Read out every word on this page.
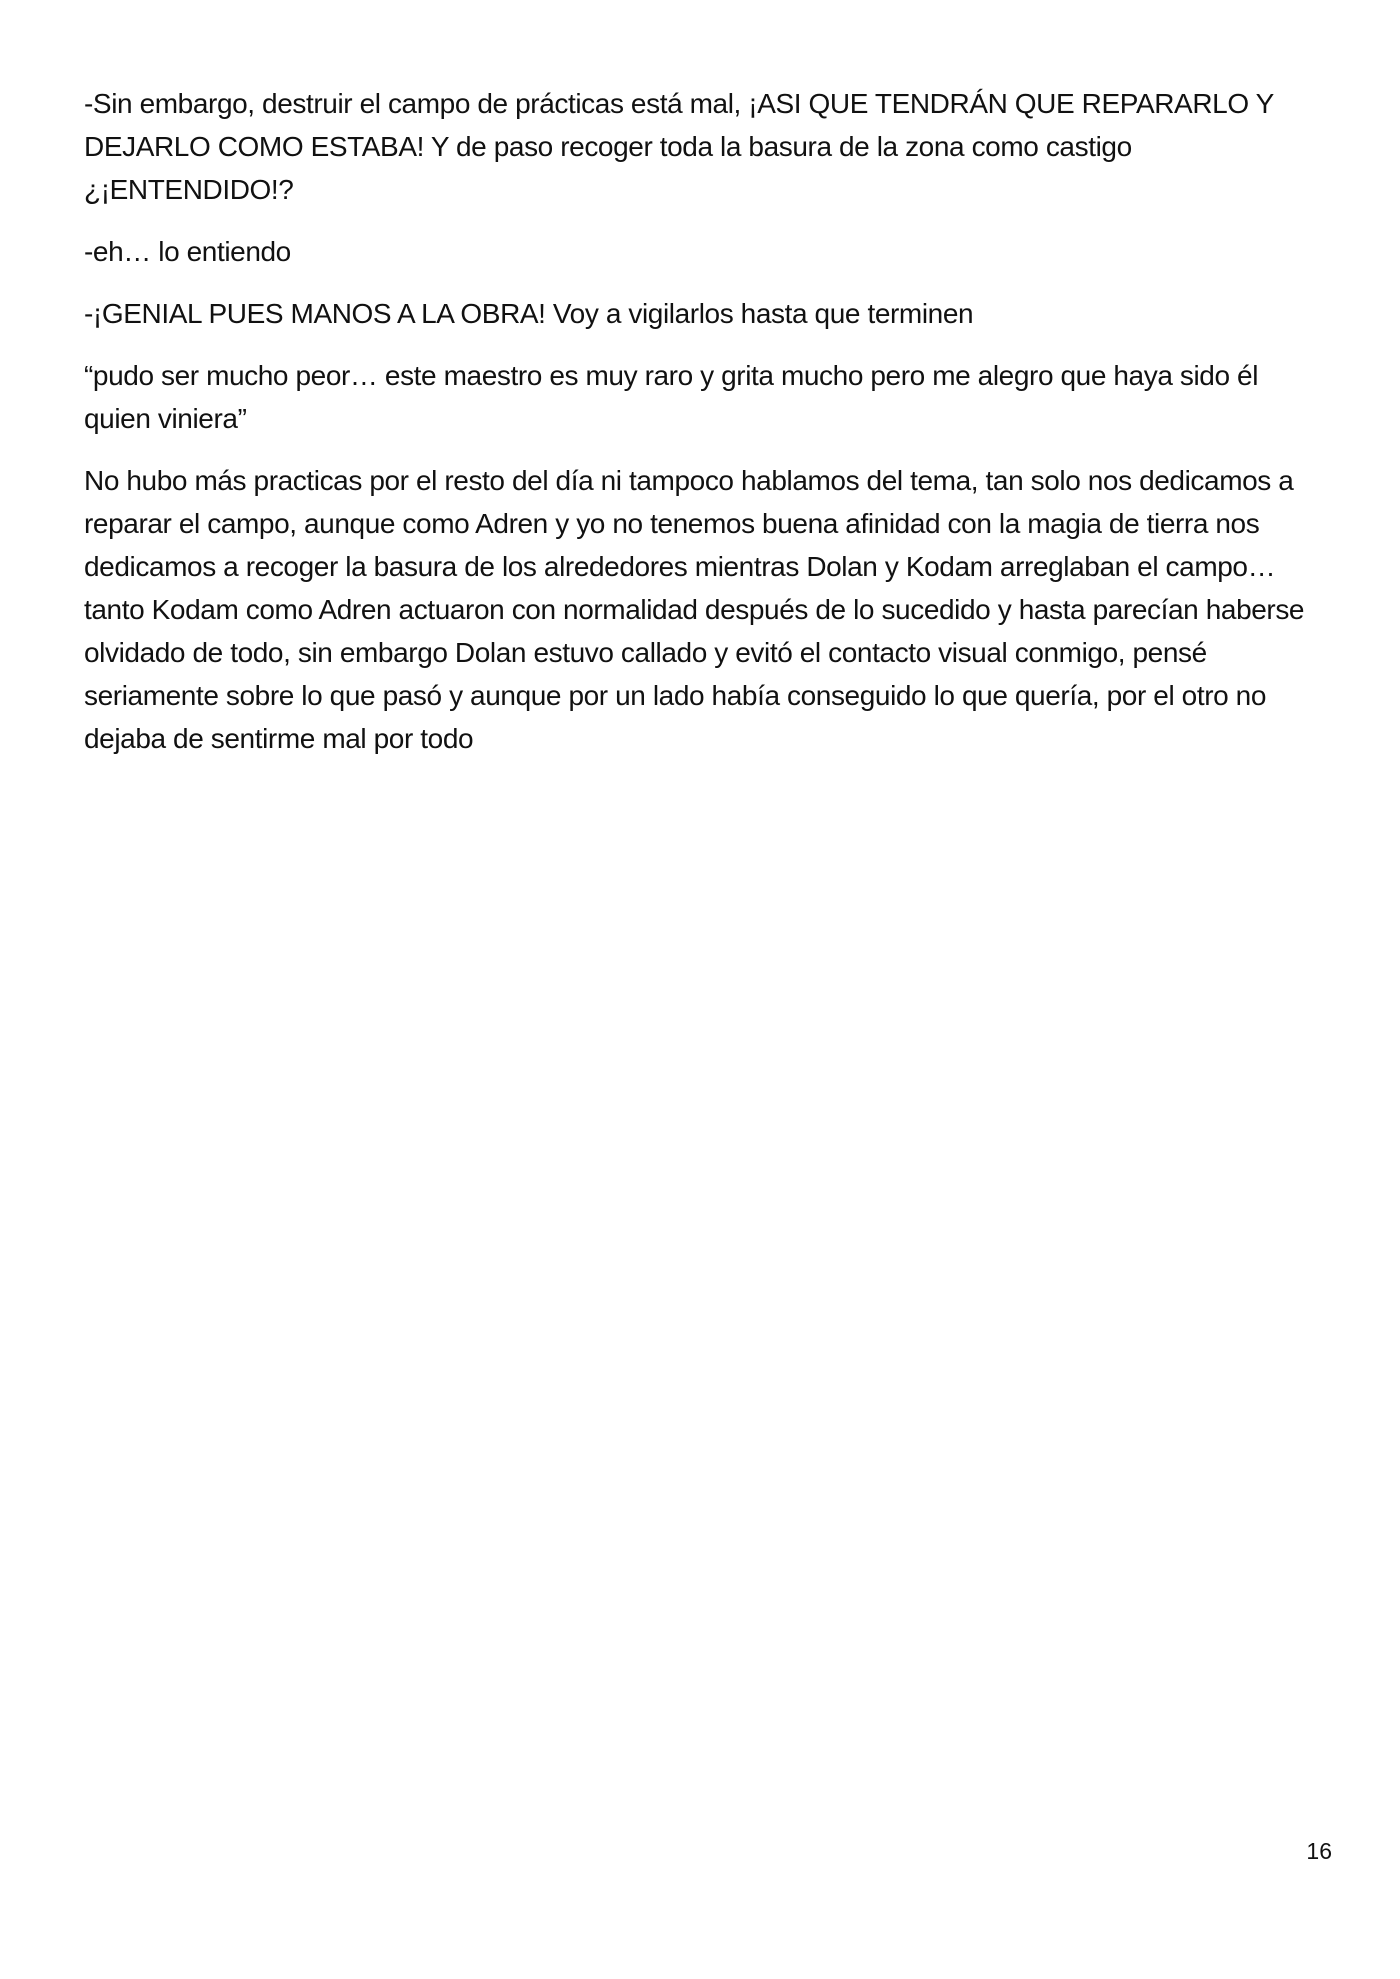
-Sin embargo, destruir el campo de prácticas está mal, ¡ASI QUE TENDRÁN QUE REPARARLO Y DEJARLO COMO ESTABA! Y de paso recoger toda la basura de la zona como castigo ¿¡ENTENDIDO!?

-eh… lo entiendo

-¡GENIAL PUES MANOS A LA OBRA! Voy a vigilarlos hasta que terminen

“pudo ser mucho peor… este maestro es muy raro y grita mucho pero me alegro que haya sido él quien viniera”

No hubo más practicas por el resto del día ni tampoco hablamos del tema, tan solo nos dedicamos a reparar el campo, aunque como Adren y yo no tenemos buena afinidad con la magia de tierra nos dedicamos a recoger la basura de los alrededores mientras Dolan y Kodam arreglaban el campo… tanto Kodam como Adren actuaron con normalidad después de lo sucedido y hasta parecían haberse olvidado de todo, sin embargo Dolan estuvo callado y evitó el contacto visual conmigo, pensé seriamente sobre lo que pasó y aunque por un lado había conseguido lo que quería, por el otro no dejaba de sentirme mal por todo

16
